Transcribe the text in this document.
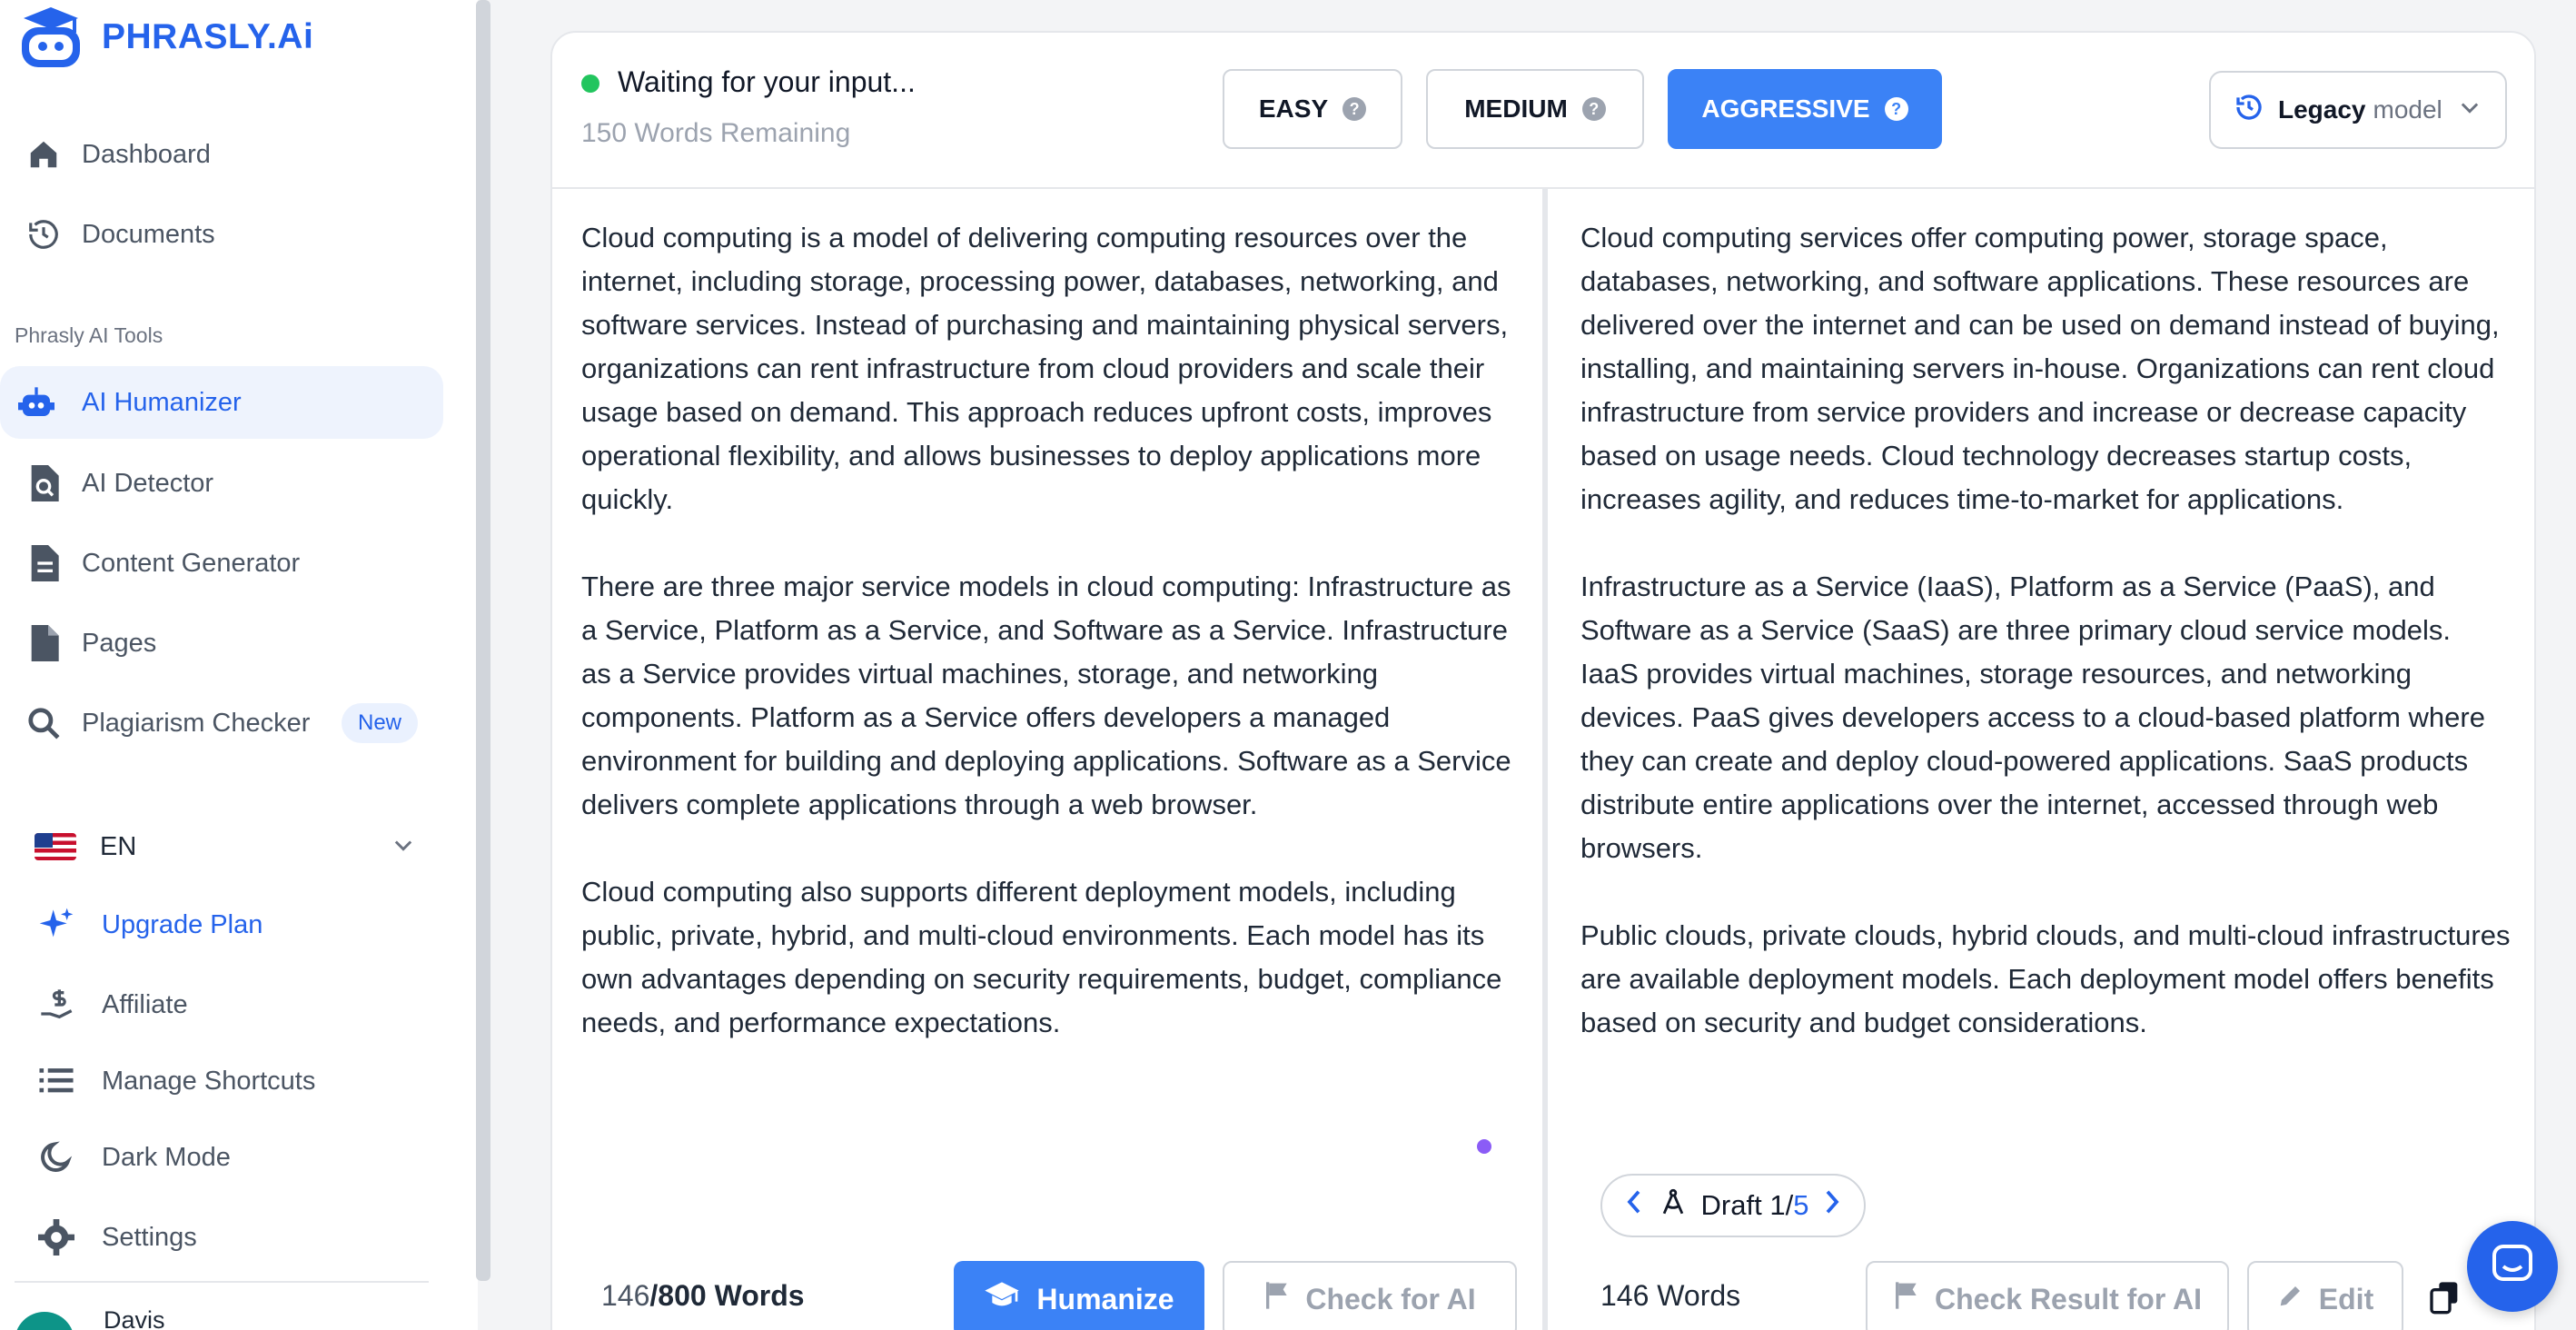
PHRASLY.Ai
Dashboard
Documents
Phrasly AI Tools
AI Humanizer
AI Detector
Content Generator
Pages
Plagiarism Checker	New
EN
Upgrade Plan
Affiliate
Manage Shortcuts
Dark Mode
Settings
Davis
Waiting for your input...
150 Words Remaining
EASY	?	MEDIUM	?	AGGRESSIVE	?	Legacy model

Cloud computing is a model of delivering computing resources over the internet, including storage, processing power, databases, networking, and software services. Instead of purchasing and maintaining physical servers, organizations can rent infrastructure from cloud providers and scale their usage based on demand. This approach reduces upfront costs, improves operational flexibility, and allows businesses to deploy applications more quickly.

There are three major service models in cloud computing: Infrastructure as a Service, Platform as a Service, and Software as a Service. Infrastructure as a Service provides virtual machines, storage, and networking components. Platform as a Service offers developers a managed environment for building and deploying applications. Software as a Service delivers complete applications through a web browser.

Cloud computing also supports different deployment models, including public, private, hybrid, and multi-cloud environments. Each model has its own advantages depending on security requirements, budget, compliance needs, and performance expectations.

Cloud computing services offer computing power, storage space, databases, networking, and software applications. These resources are delivered over the internet and can be used on demand instead of buying, installing, and maintaining servers in-house. Organizations can rent cloud infrastructure from service providers and increase or decrease capacity based on usage needs. Cloud technology decreases startup costs, increases agility, and reduces time-to-market for applications.

Infrastructure as a Service (IaaS), Platform as a Service (PaaS), and Software as a Service (SaaS) are three primary cloud service models. IaaS provides virtual machines, storage resources, and networking devices. PaaS gives developers access to a cloud-based platform where they can create and deploy cloud-powered applications. SaaS products distribute entire applications over the internet, accessed through web browsers.

Public clouds, private clouds, hybrid clouds, and multi-cloud infrastructures are available deployment models. Each deployment model offers benefits based on security and budget considerations.

Draft 1/5
146/800 Words	Humanize	Check for AI	146 Words	Check Result for AI	Edit
